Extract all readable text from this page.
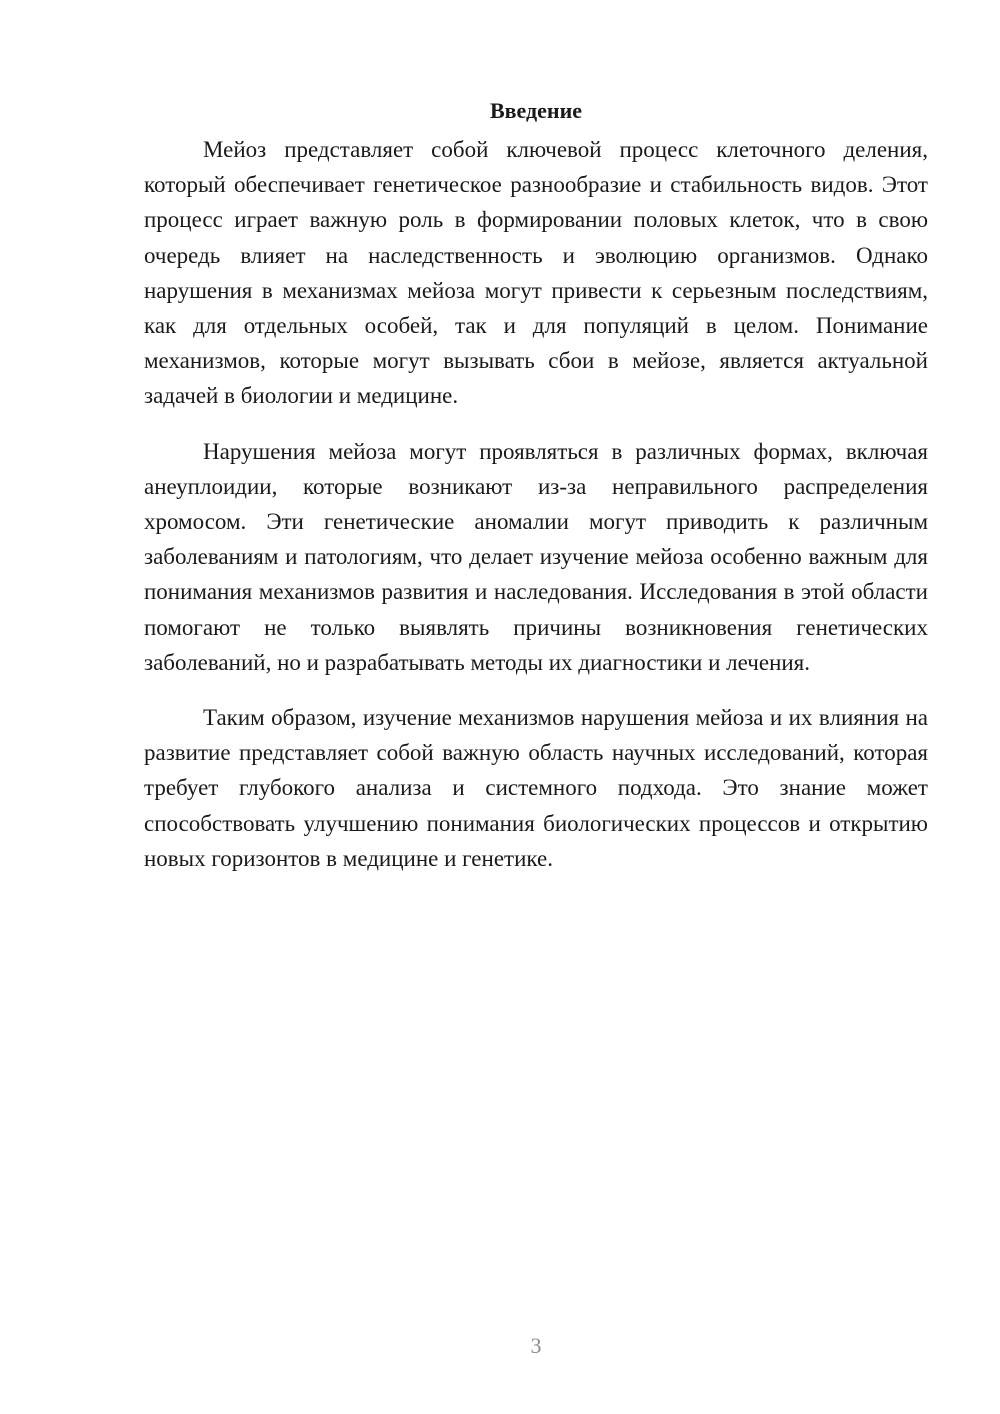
Введение

Мейоз представляет собой ключевой процесс клеточного деления, который обеспечивает генетическое разнообразие и стабильность видов. Этот процесс играет важную роль в формировании половых клеток, что в свою очередь влияет на наследственность и эволюцию организмов. Однако нарушения в механизмах мейоза могут привести к серьезным последствиям, как для отдельных особей, так и для популяций в целом. Понимание механизмов, которые могут вызывать сбои в мейозе, является актуальной задачей в биологии и медицине.

Нарушения мейоза могут проявляться в различных формах, включая анеуплоидии, которые возникают из-за неправильного распределения хромосом. Эти генетические аномалии могут приводить к различным заболеваниям и патологиям, что делает изучение мейоза особенно важным для понимания механизмов развития и наследования. Исследования в этой области помогают не только выявлять причины возникновения генетических заболеваний, но и разрабатывать методы их диагностики и лечения.

Таким образом, изучение механизмов нарушения мейоза и их влияния на развитие представляет собой важную область научных исследований, которая требует глубокого анализа и системного подхода. Это знание может способствовать улучшению понимания биологических процессов и открытию новых горизонтов в медицине и генетике.

3
